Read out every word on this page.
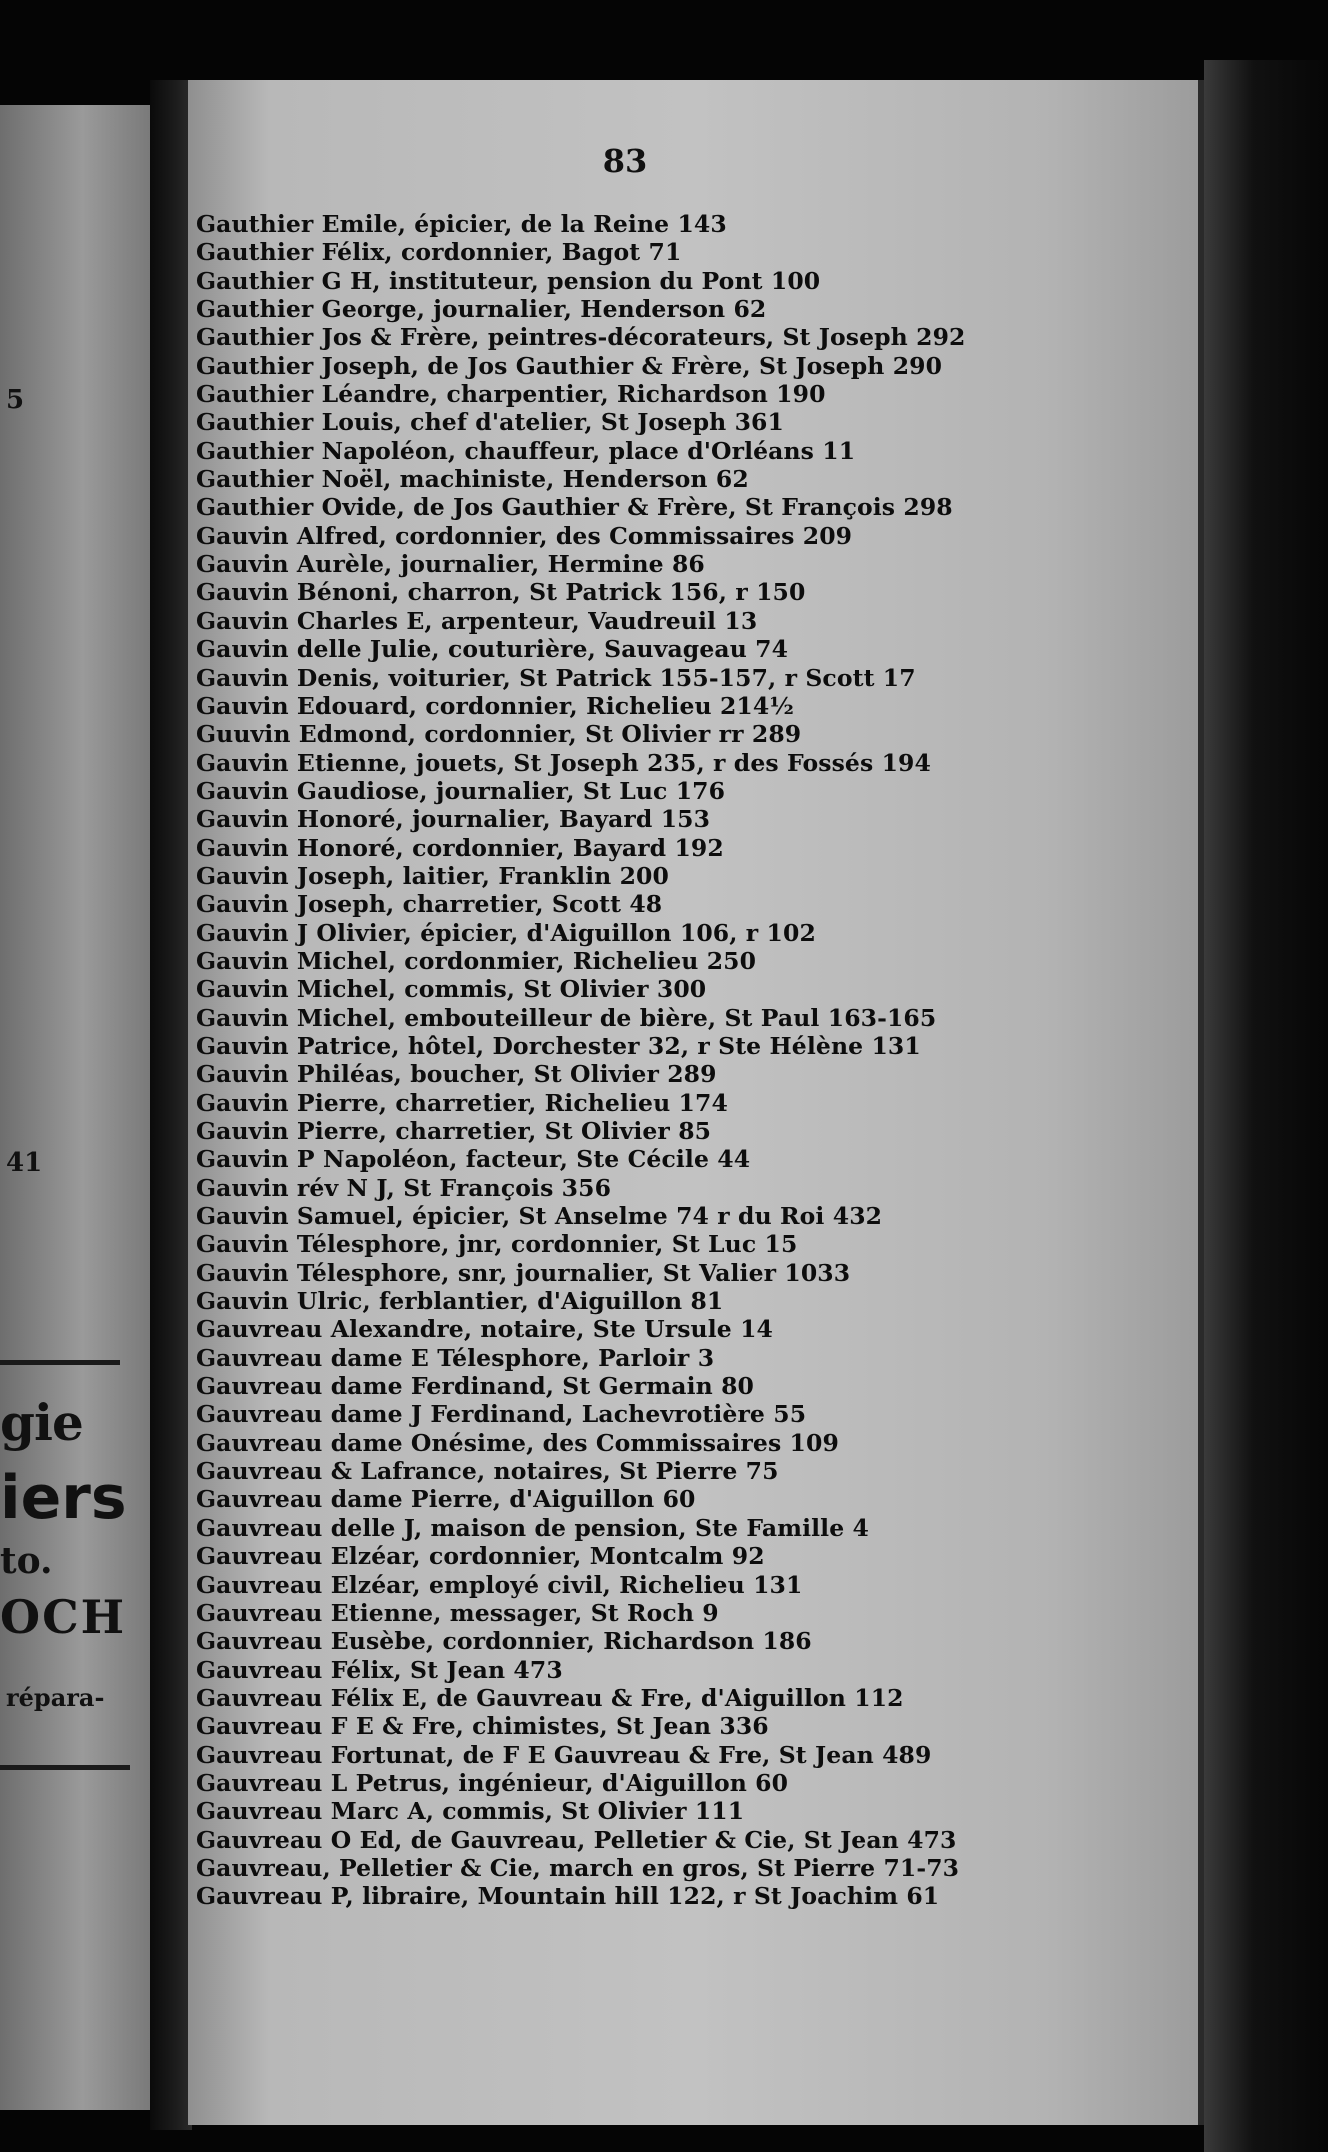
5
41
gie
iers
to.
OCH
répara-
83
Gauthier Emile, épicier, de la Reine 143
Gauthier Félix, cordonnier, Bagot 71
Gauthier G H, instituteur, pension du Pont 100
Gauthier George, journalier, Henderson 62
Gauthier Jos & Frère, peintres-décorateurs, St Joseph 292
Gauthier Joseph, de Jos Gauthier & Frère, St Joseph 290
Gauthier Léandre, charpentier, Richardson 190
Gauthier Louis, chef d'atelier, St Joseph 361
Gauthier Napoléon, chauffeur, place d'Orléans 11
Gauthier Noël, machiniste, Henderson 62
Gauthier Ovide, de Jos Gauthier & Frère, St François 298
Gauvin Alfred, cordonnier, des Commissaires 209
Gauvin Aurèle, journalier, Hermine 86
Gauvin Bénoni, charron, St Patrick 156, r 150
Gauvin Charles E, arpenteur, Vaudreuil 13
Gauvin delle Julie, couturière, Sauvageau 74
Gauvin Denis, voiturier, St Patrick 155-157, r Scott 17
Gauvin Edouard, cordonnier, Richelieu 214½
Guuvin Edmond, cordonnier, St Olivier rr 289
Gauvin Etienne, jouets, St Joseph 235, r des Fossés 194
Gauvin Gaudiose, journalier, St Luc 176
Gauvin Honoré, journalier, Bayard 153
Gauvin Honoré, cordonnier, Bayard 192
Gauvin Joseph, laitier, Franklin 200
Gauvin Joseph, charretier, Scott 48
Gauvin J Olivier, épicier, d'Aiguillon 106, r 102
Gauvin Michel, cordonmier, Richelieu 250
Gauvin Michel, commis, St Olivier 300
Gauvin Michel, embouteilleur de bière, St Paul 163-165
Gauvin Patrice, hôtel, Dorchester 32, r Ste Hélène 131
Gauvin Philéas, boucher, St Olivier 289
Gauvin Pierre, charretier, Richelieu 174
Gauvin Pierre, charretier, St Olivier 85
Gauvin P Napoléon, facteur, Ste Cécile 44
Gauvin rév N J, St François 356
Gauvin Samuel, épicier, St Anselme 74 r du Roi 432
Gauvin Télesphore, jnr, cordonnier, St Luc 15
Gauvin Télesphore, snr, journalier, St Valier 1033
Gauvin Ulric, ferblantier, d'Aiguillon 81
Gauvreau Alexandre, notaire, Ste Ursule 14
Gauvreau dame E Télesphore, Parloir 3
Gauvreau dame Ferdinand, St Germain 80
Gauvreau dame J Ferdinand, Lachevrotière 55
Gauvreau dame Onésime, des Commissaires 109
Gauvreau & Lafrance, notaires, St Pierre 75
Gauvreau dame Pierre, d'Aiguillon 60
Gauvreau delle J, maison de pension, Ste Famille 4
Gauvreau Elzéar, cordonnier, Montcalm 92
Gauvreau Elzéar, employé civil, Richelieu 131
Gauvreau Etienne, messager, St Roch 9
Gauvreau Eusèbe, cordonnier, Richardson 186
Gauvreau Félix, St Jean 473
Gauvreau Félix E, de Gauvreau & Fre, d'Aiguillon 112
Gauvreau F E & Fre, chimistes, St Jean 336
Gauvreau Fortunat, de F E Gauvreau & Fre, St Jean 489
Gauvreau L Petrus, ingénieur, d'Aiguillon 60
Gauvreau Marc A, commis, St Olivier 111
Gauvreau O Ed, de Gauvreau, Pelletier & Cie, St Jean 473
Gauvreau, Pelletier & Cie, march en gros, St Pierre 71-73
Gauvreau P, libraire, Mountain hill 122, r St Joachim 61
